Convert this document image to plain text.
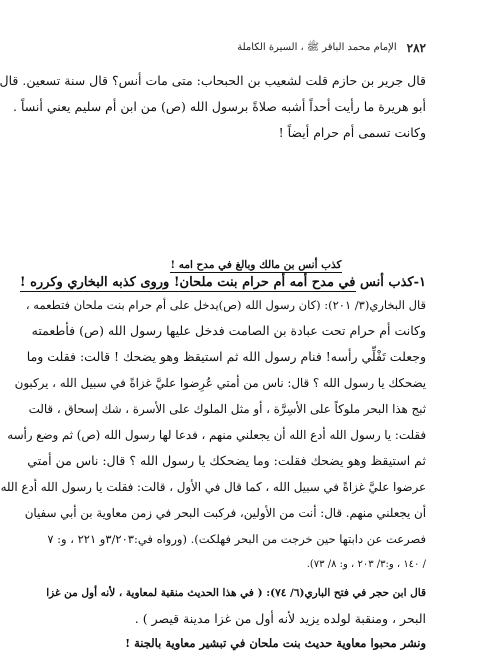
٢٨٢
الإمام محمد الباقر ﷺ ، السيرة الكاملة
قال جرير بن حازم قلت لشعيب بن الحبحاب: متى مات أنس؟ قال سنة تسعين. قال
أبو هريرة ما رأيت أحداً أشبه صلاةً برسول الله (ص) من ابن أم سليم يعني أنساً .
وكانت تسمى أم حرام أيضاً !
كذب أنس بن مالك وبالغ في مدح امه !
١-كذب أنس في مدح أمه أم حرام بنت ملحان! وروى كذبه البخاري وكرره !
قال البخاري(٣/ ٢٠١): (كان رسول الله (ص)يدخل على أم حرام بنت ملحان فتطعمه ،
وكانت أم حرام تحت عبادة بن الصامت فدخل عليها رسول الله (ص) فأطعمته
وجعلت تَفْلِّي رأسه! فنام رسول الله ثم استيقظ وهو يضحك ! قالت: فقلت وما
يضحكك يا رسول الله ؟ قال: ناس من أمتي عُرِضوا عليَّ غزاةً في سبيل الله ، يركبون
ثبج هذا البحر ملوكاً على الأسِرَّة ، أو مثل الملوك على الأسرة ، شك إسحاق ، قالت
فقلت: يا رسول الله أدع الله أن يجعلني منهم ، فدعا لها رسول الله (ص) ثم وضع رأسه
ثم استيقظ وهو يضحك فقلت: وما يضحكك يا رسول الله ؟ قال: ناس من أمتي
عرضوا عليَّ غزاةً في سبيل الله ، كما قال في الأول ، قالت: فقلت يا رسول الله أدع الله
أن يجعلني منهم. قال: أنت من الأولين، فركبت البحر في زمن معاوية بن أبي سفيان
فصرعت عن دابتها حين خرجت من البحر فهلكت). (ورواه في:٣/٢٠٣و ٢٢١ ، و: ٧
/ ١٤٠ ، و:٣/ ٢٠٣ ، و: ٨/ ٧٣).
قال ابن حجر في فتح الباري(٦/ ٧٤): ( في هذا الحديث منقبة لمعاوية ، لأنه أول من غزا
البحر ، ومنقبة لولده يزيد لأنه أول من غزا مدينة قيصر ) .
ونشر محبوا معاوية حديث بنت ملحان في تبشير معاوية بالجنة !
